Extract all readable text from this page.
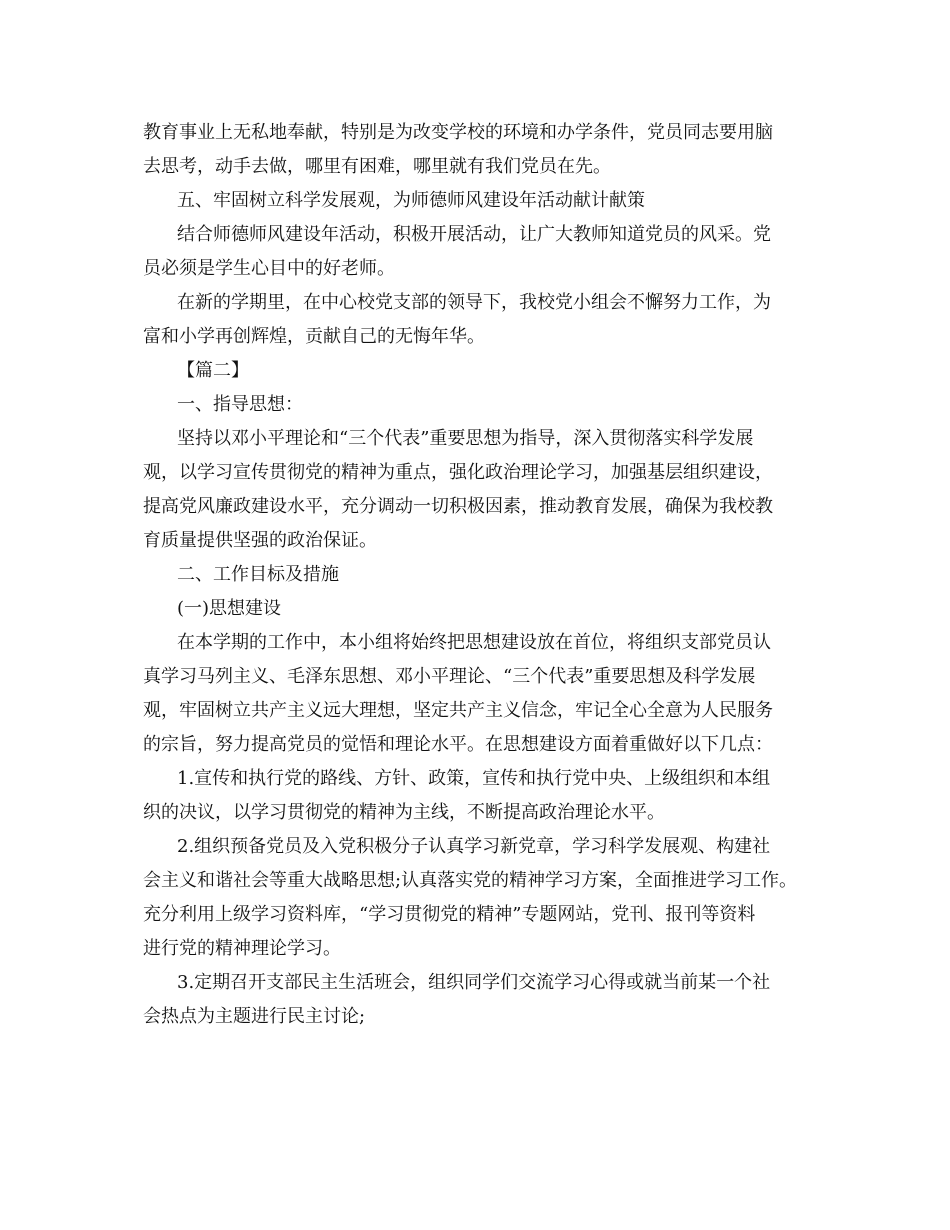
教育事业上无私地奉献，特别是为改变学校的环境和办学条件，党员同志要用脑
去思考，动手去做，哪里有困难，哪里就有我们党员在先。
五、牢固树立科学发展观，为师德师风建设年活动献计献策
结合师德师风建设年活动，积极开展活动，让广大教师知道党员的风采。党
员必须是学生心目中的好老师。
在新的学期里，在中心校党支部的领导下，我校党小组会不懈努力工作，为
富和小学再创辉煌，贡献自己的无悔年华。
【篇二】
一、指导思想：
坚持以邓小平理论和“三个代表”重要思想为指导，深入贯彻落实科学发展
观，以学习宣传贯彻党的精神为重点，强化政治理论学习，加强基层组织建设，
提高党风廉政建设水平，充分调动一切积极因素，推动教育发展，确保为我校教
育质量提供坚强的政治保证。
二、工作目标及措施
(一)思想建设
在本学期的工作中，本小组将始终把思想建设放在首位，将组织支部党员认
真学习马列主义、毛泽东思想、邓小平理论、“三个代表”重要思想及科学发展
观，牢固树立共产主义远大理想，坚定共产主义信念，牢记全心全意为人民服务
的宗旨，努力提高党员的觉悟和理论水平。在思想建设方面着重做好以下几点：
1.宣传和执行党的路线、方针、政策，宣传和执行党中央、上级组织和本组
织的决议，以学习贯彻党的精神为主线，不断提高政治理论水平。
2.组织预备党员及入党积极分子认真学习新党章，学习科学发展观、构建社
会主义和谐社会等重大战略思想;认真落实党的精神学习方案，全面推进学习工作。
充分利用上级学习资料库，“学习贯彻党的精神”专题网站，党刊、报刊等资料
进行党的精神理论学习。
3.定期召开支部民主生活班会，组织同学们交流学习心得或就当前某一个社
会热点为主题进行民主讨论;
